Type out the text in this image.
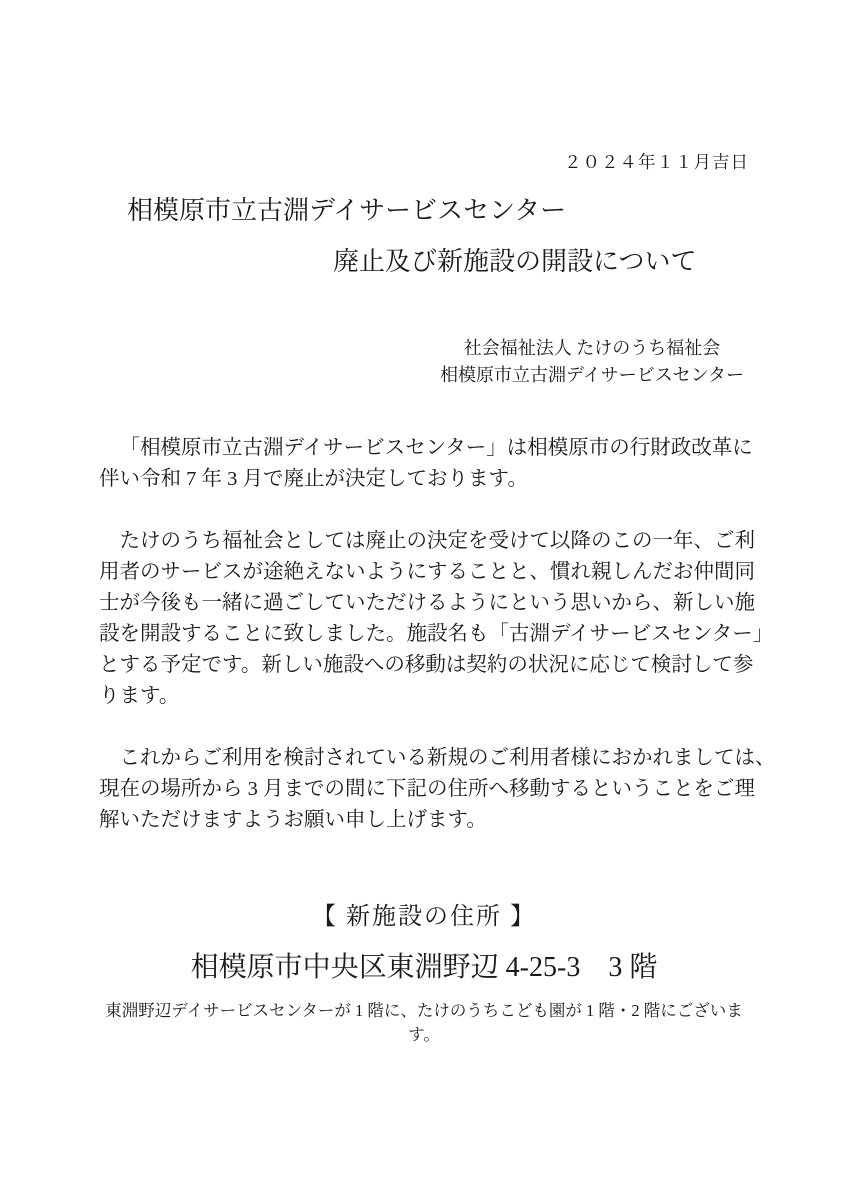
２０２４年１１月吉日
相模原市立古淵デイサービスセンター
廃止及び新施設の開設について
社会福祉法人 たけのうち福祉会
相模原市立古淵デイサービスセンター

「相模原市立古淵デイサービスセンター」は相模原市の行財政改革に
伴い令和 7 年 3 月で廃止が決定しております。

たけのうち福祉会としては廃止の決定を受けて以降のこの一年、ご利
用者のサービスが途絶えないようにすることと、慣れ親しんだお仲間同
士が今後も一緒に過ごしていただけるようにという思いから、新しい施
設を開設することに致しました。施設名も「古淵デイサービスセンター」
とする予定です。新しい施設への移動は契約の状況に応じて検討して参
ります。

これからご利用を検討されている新規のご利用者様におかれましては、
現在の場所から 3 月までの間に下記の住所へ移動するということをご理
解いただけますようお願い申し上げます。

【 新施設の住所 】
相模原市中央区東淵野辺 4-25-3　3 階
東淵野辺デイサービスセンターが 1 階に、たけのうちこども園が 1 階・2 階にございます。
